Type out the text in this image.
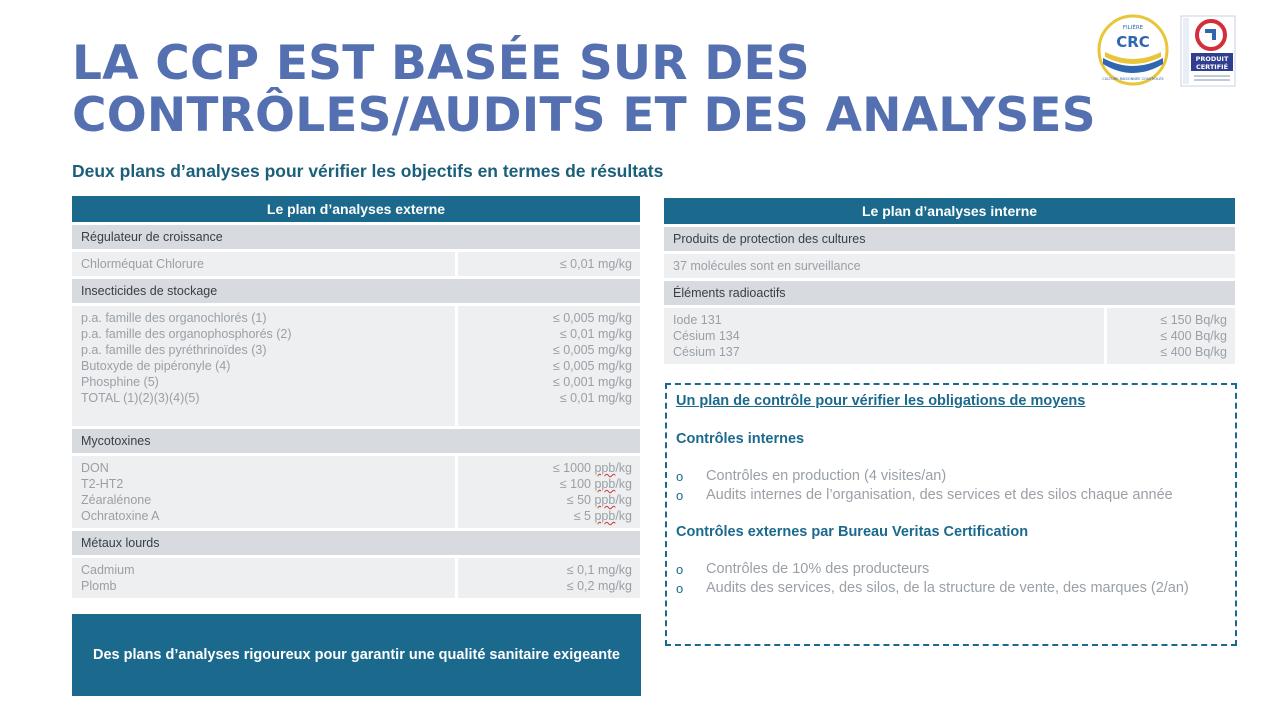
LA CCP EST BASÉE SUR DES
CONTRÔLES/AUDITS ET DES ANALYSES

Deux plans d’analyses pour vérifier les objectifs en termes de résultats

FILIÈRE
CRC
CULTURE RAISONNÉE CONTRÔLÉE
PRODUIT
CERTIFIÉ
Le plan d’analyses externe
Régulateur de croissance
Chlorméquat Chlorure	≤ 0,01 mg/kg
Insecticides de stockage
p.a. famille des organochlorés (1)
p.a. famille des organophosphorés (2)
p.a. famille des pyréthrinoïdes (3)
Butoxyde de pipéronyle (4)
Phosphine (5)
TOTAL (1)(2)(3)(4)(5)
≤ 0,005 mg/kg
≤ 0,01 mg/kg
≤ 0,005 mg/kg
≤ 0,005 mg/kg
≤ 0,001 mg/kg
≤ 0,01 mg/kg
Mycotoxines
DON
T2-HT2
Zéaralénone
Ochratoxine A
≤ 1000 ppb/kg
≤ 100 ppb/kg
≤ 50 ppb/kg
≤ 5 ppb/kg
Métaux lourds
Cadmium
Plomb
≤ 0,1 mg/kg
≤ 0,2 mg/kg
Le plan d’analyses interne
Produits de protection des cultures
37 molécules sont en surveillance
Éléments radioactifs
Iode 131
Césium 134
Césium 137
≤ 150 Bq/kg
≤ 400 Bq/kg
≤ 400 Bq/kg

Un plan de contrôle pour vérifier les obligations de moyens

Contrôles internes

o Contrôles en production (4 visites/an)
o Audits internes de l’organisation, des services et des silos chaque année

Contrôles externes par Bureau Veritas Certification

o Contrôles de 10% des producteurs
o Audits des services, des silos, de la structure de vente, des marques (2/an)
Des plans d’analyses rigoureux pour garantir une qualité sanitaire exigeante
